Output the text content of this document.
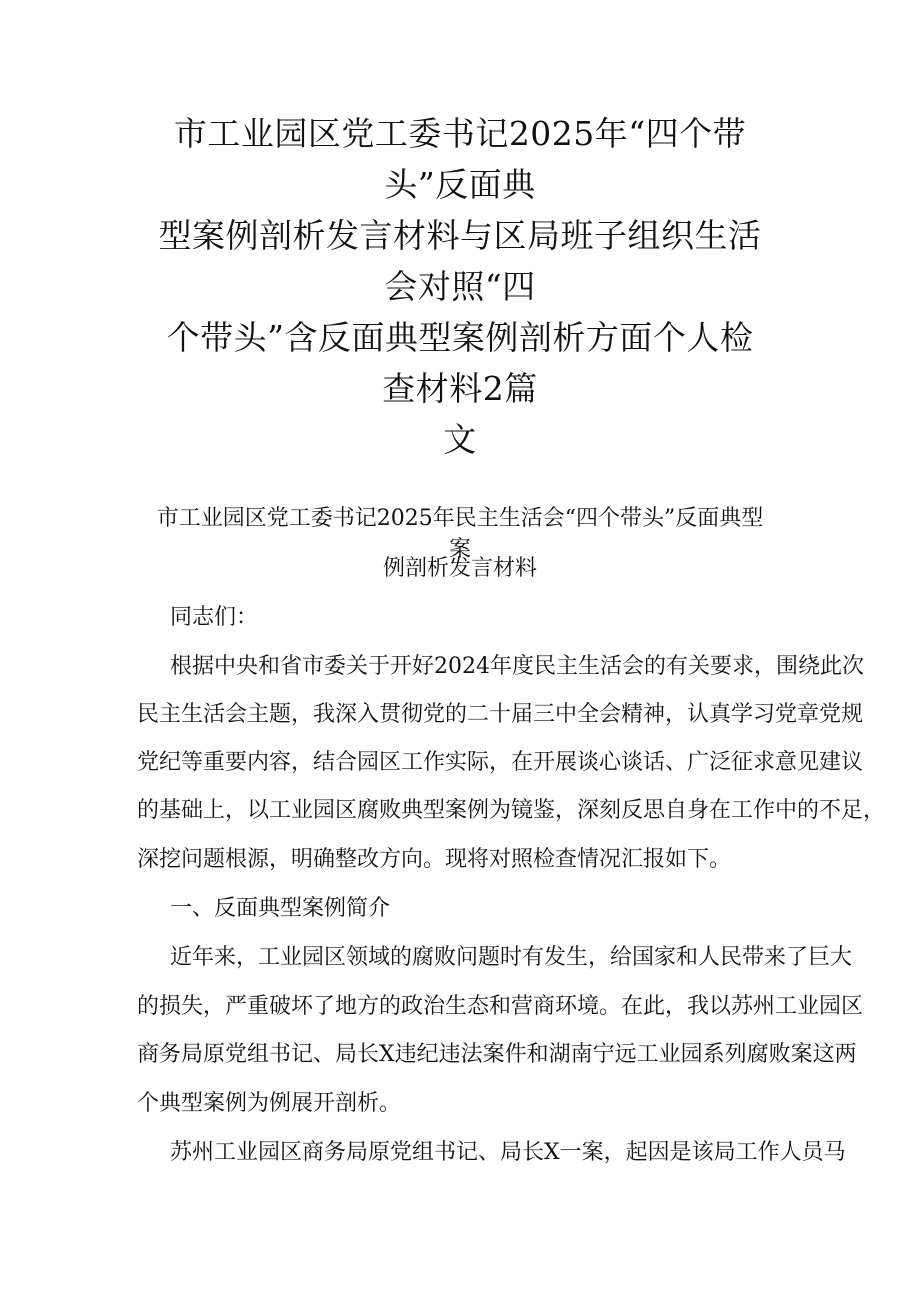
市工业园区党工委书记2025年“四个带头”反面典
型案例剖析发言材料与区局班子组织生活会对照“四
个带头”含反面典型案例剖析方面个人检查材料2篇
文
市工业园区党工委书记2025年民主生活会“四个带头”反面典型案
例剖析发言材料
同志们：
根据中央和省市委关于开好2024年度民主生活会的有关要求，围绕此次
民主生活会主题，我深入贯彻党的二十届三中全会精神，认真学习党章党规
党纪等重要内容，结合园区工作实际，在开展谈心谈话、广泛征求意见建议
的基础上，以工业园区腐败典型案例为镜鉴，深刻反思自身在工作中的不足，
深挖问题根源，明确整改方向。现将对照检查情况汇报如下。
一、反面典型案例简介
近年来，工业园区领域的腐败问题时有发生，给国家和人民带来了巨大
的损失，严重破坏了地方的政治生态和营商环境。在此，我以苏州工业园区
商务局原党组书记、局长X违纪违法案件和湖南宁远工业园系列腐败案这两
个典型案例为例展开剖析。
苏州工业园区商务局原党组书记、局长X一案，起因是该局工作人员马
